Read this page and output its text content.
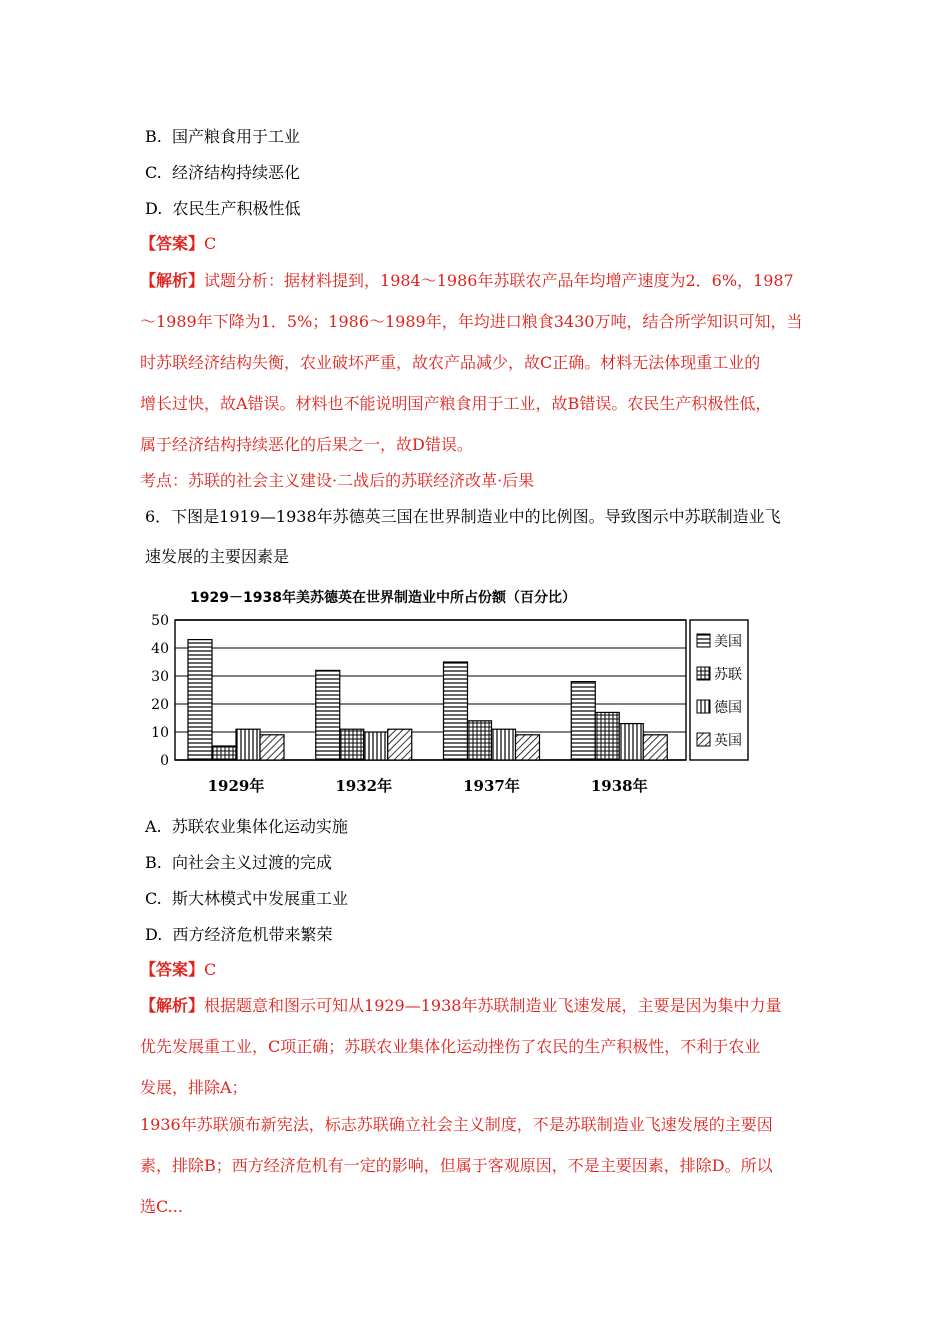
B. 国产粮食用于工业
C. 经济结构持续恶化
D. 农民生产积极性低
【答案】C
【解析】试题分析：据材料提到，1984～1986年苏联农产品年均增产速度为2．6%，1987
～1989年下降为1．5%；1986～1989年，年均进口粮食3430万吨，结合所学知识可知，当
时苏联经济结构失衡，农业破坏严重，故农产品减少，故C正确。材料无法体现重工业的
增长过快，故A错误。材料也不能说明国产粮食用于工业，故B错误。农民生产积极性低，
属于经济结构持续恶化的后果之一，故D错误。
考点：苏联的社会主义建设·二战后的苏联经济改革·后果
6．下图是1919—1938年苏德英三国在世界制造业中的比例图。导致图示中苏联制造业飞
速发展的主要因素是
1929－1938年美苏德英在世界制造业中所占份额（百分比）
0
10
20
30
40
50
1929年	1932年	1937年	1938年
美国
苏联
德国
英国
A. 苏联农业集体化运动实施
B. 向社会主义过渡的完成
C. 斯大林模式中发展重工业
D. 西方经济危机带来繁荣
【答案】C
【解析】根据题意和图示可知从1929—1938年苏联制造业飞速发展，主要是因为集中力量
优先发展重工业，C项正确；苏联农业集体化运动挫伤了农民的生产积极性，不利于农业
发展，排除A；
1936年苏联颁布新宪法，标志苏联确立社会主义制度，不是苏联制造业飞速发展的主要因
素，排除B；西方经济危机有一定的影响，但属于客观原因，不是主要因素，排除D。所以
选C...
